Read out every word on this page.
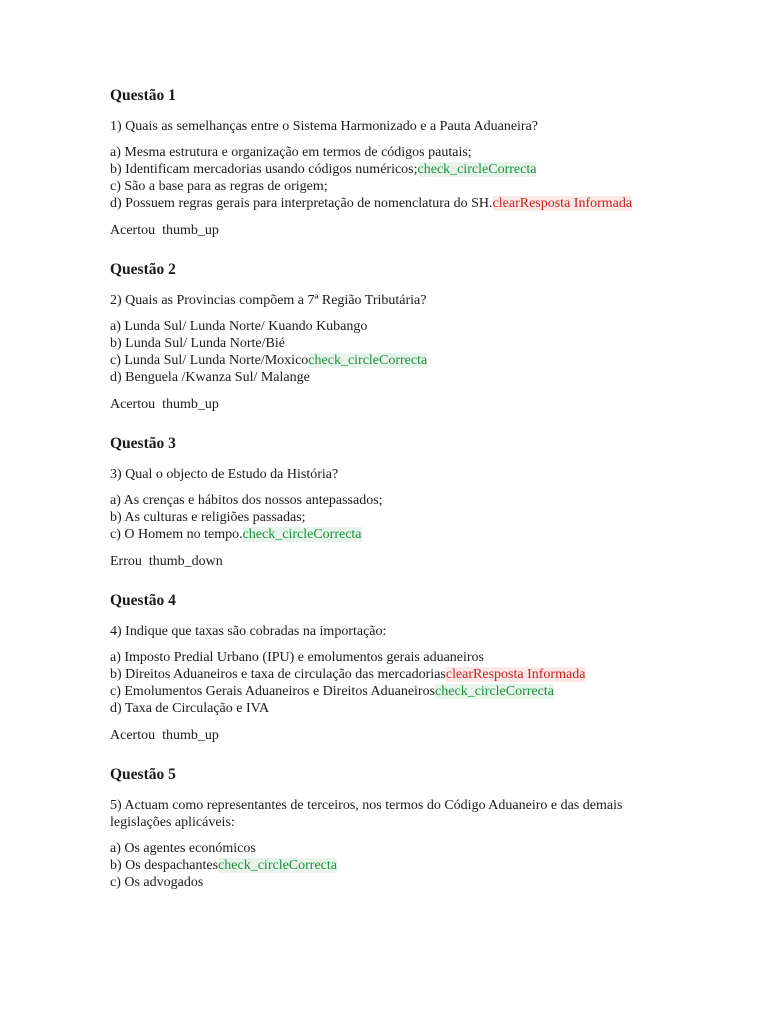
Questão 1

1) Quais as semelhanças entre o Sistema Harmonizado e a Pauta Aduaneira?

a) Mesma estrutura e organização em termos de códigos pautais;

b) Identificam mercadorias usando códigos numéricos;check_circleCorrecta

c) São a base para as regras de origem;

d) Possuem regras gerais para interpretação de nomenclatura do SH.clearResposta Informada

Acertou thumb_up

Questão 2

2) Quais as Provincias compõem a 7ª Região Tributária?

a) Lunda Sul/ Lunda Norte/ Kuando Kubango

b) Lunda Sul/ Lunda Norte/Bié

c) Lunda Sul/ Lunda Norte/Moxicocheck_circleCorrecta

d) Benguela /Kwanza Sul/ Malange

Acertou thumb_up

Questão 3

3) Qual o objecto de Estudo da História?

a) As crenças e hábitos dos nossos antepassados;

b) As culturas e religiões passadas;

c) O Homem no tempo.check_circleCorrecta

Errou thumb_down

Questão 4

4) Indique que taxas são cobradas na importação:

a) Imposto Predial Urbano (IPU) e emolumentos gerais aduaneiros

b) Direitos Aduaneiros e taxa de circulação das mercadoriasclearResposta Informada

c) Emolumentos Gerais Aduaneiros e Direitos Aduaneiroscheck_circleCorrecta

d) Taxa de Circulação e IVA

Acertou thumb_up

Questão 5

5) Actuam como representantes de terceiros, nos termos do Código Aduaneiro e das demais legislações aplicáveis:

a) Os agentes económicos

b) Os despachantescheck_circleCorrecta

c) Os advogados
